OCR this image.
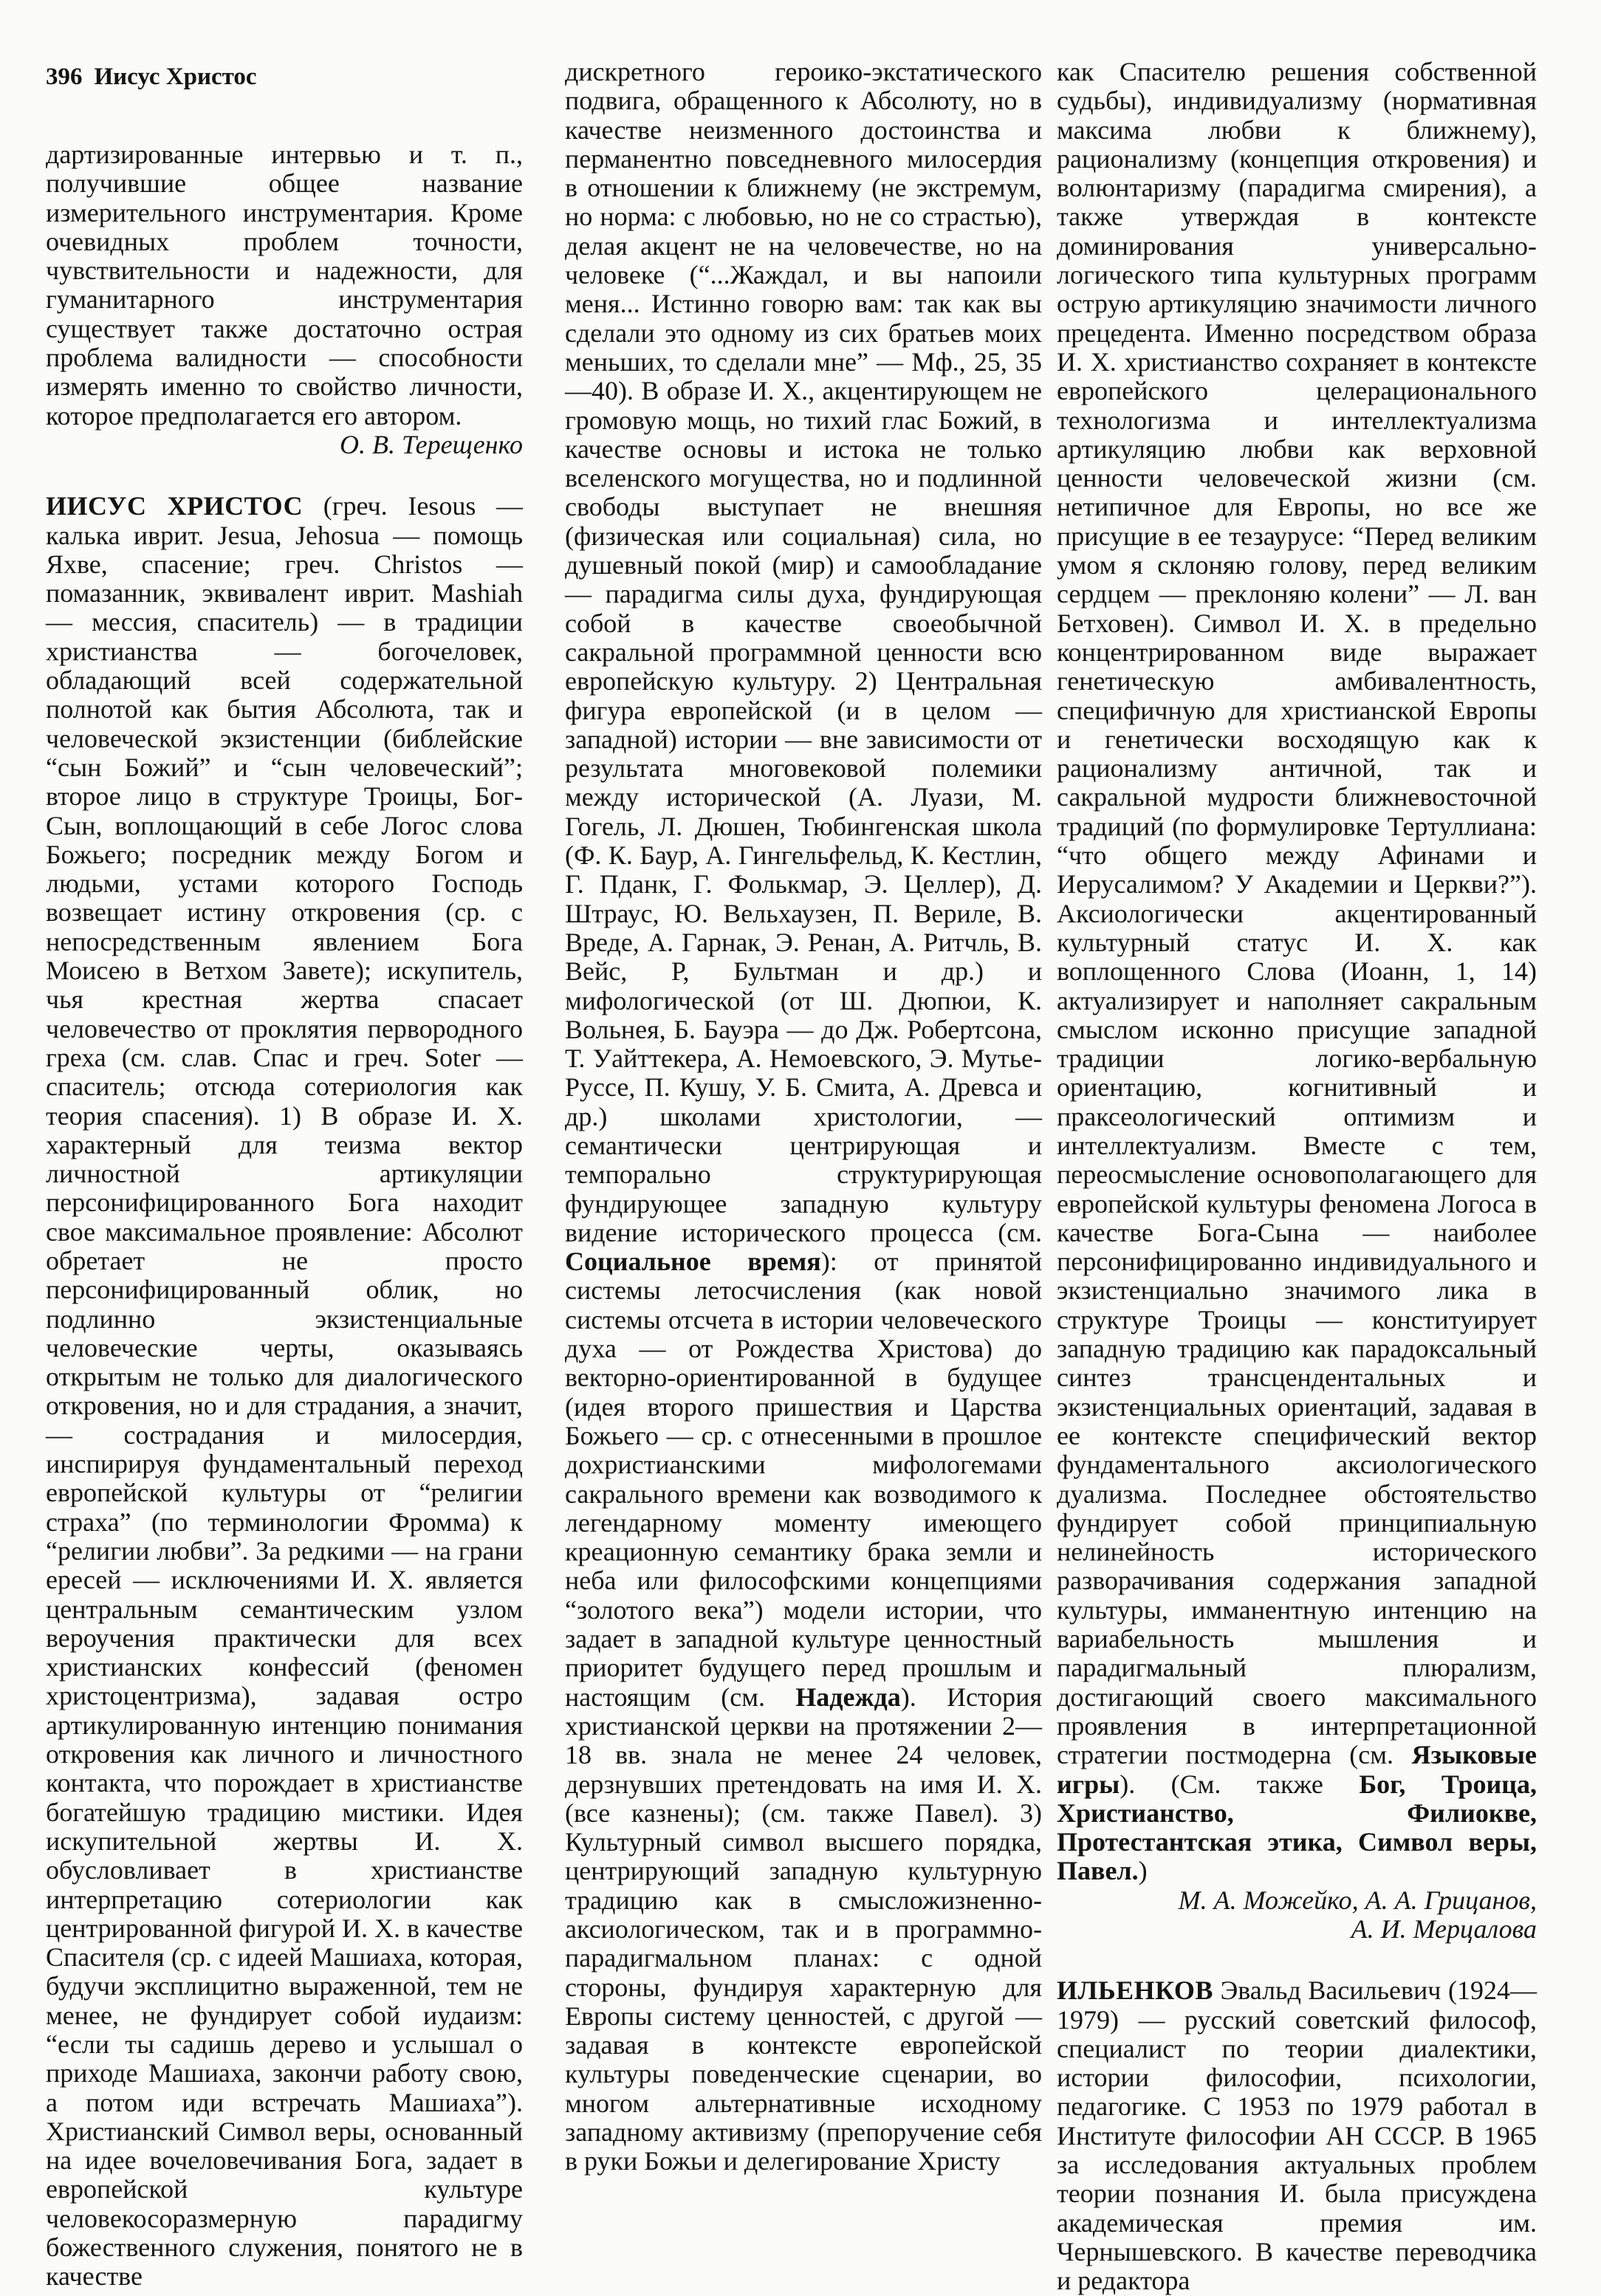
396 Иисус Христос

дартизированные интервью и т. п., получившие общее название измерительного инструментария. Кроме очевидных проблем точности, чувствительности и надежности, для гуманитарного инструментария существует также достаточно острая проблема валидности — способности измерять именно то свойство личности, которое предполагается его автором.

О. В. Терещенко

ИИСУС ХРИСТОС (греч. Iesous — калька иврит. Jesua, Jehosua — помощь Яхве, спасение; греч. Christos — помазанник, эквивалент иврит. Mashiah — мессия, спаситель) — в традиции христианства — богочеловек, обладающий всей содержательной полнотой как бытия Абсолюта, так и человеческой экзистенции (библейские “сын Божий” и “сын человеческий”; второе лицо в структуре Троицы, Бог-Сын, воплощающий в себе Логос слова Божьего; посредник между Богом и людьми, устами которого Господь возвещает истину откровения (ср. с непосредственным явлением Бога Моисею в Ветхом Завете); искупитель, чья крестная жертва спасает человечество от проклятия первородного греха (см. слав. Спас и греч. Soter — спаситель; отсюда сотериология как теория спасения). 1) В образе И. Х. характерный для теизма вектор личностной артикуляции персонифицированного Бога находит свое максимальное проявление: Абсолют обретает не просто персонифицированный облик, но подлинно экзистенциальные человеческие черты, оказываясь открытым не только для диалогического откровения, но и для страдания, а значит, — сострадания и милосердия, инспирируя фундаментальный переход европейской культуры от “религии страха” (по терминологии Фромма) к “религии любви”. За редкими — на грани ересей — исключениями И. Х. является центральным семантическим узлом вероучения практически для всех христианских конфессий (феномен христоцентризма), задавая остро артикулированную интенцию понимания откровения как личного и личностного контакта, что порождает в христианстве богатейшую традицию мистики. Идея искупительной жертвы И. Х. обусловливает в христианстве интерпретацию сотериологии как центрированной фигурой И. Х. в качестве Спасителя (ср. с идеей Машиаха, которая, будучи эксплицитно выраженной, тем не менее, не фундирует собой иудаизм: “если ты садишь дерево и услышал о приходе Машиаха, закончи работу свою, а потом иди встречать Машиаха”). Христианский Символ веры, основанный на идее вочеловечивания Бога, задает в европейской культуре человекосоразмерную парадигму божественного служения, понятого не в качестве

дискретного героико-экстатического подвига, обращенного к Абсолюту, но в качестве неизменного достоинства и перманентно повседневного милосердия в отношении к ближнему (не экстремум, но норма: с любовью, но не со страстью), делая акцент не на человечестве, но на человеке (“...Жаждал, и вы напоили меня... Истинно говорю вам: так как вы сделали это одному из сих братьев моих меньших, то сделали мне” — Мф., 25, 35—40). В образе И. Х., акцентирующем не громовую мощь, но тихий глас Божий, в качестве основы и истока не только вселенского могущества, но и подлинной свободы выступает не внешняя (физическая или социальная) сила, но душевный покой (мир) и самообладание — парадигма силы духа, фундирующая собой в качестве своеобычной сакральной программной ценности всю европейскую культуру. 2) Центральная фигура европейской (и в целом — западной) истории — вне зависимости от результата многовековой полемики между исторической (А. Луази, М. Гогель, Л. Дюшен, Тюбингенская школа (Ф. К. Баур, А. Гингельфельд, К. Кестлин, Г. Пданк, Г. Фолькмар, Э. Целлер), Д. Штраус, Ю. Вельхаузен, П. Вериле, В. Вреде, А. Гарнак, Э. Ренан, А. Ритчль, В. Вейс, Р, Бультман и др.) и мифологической (от Ш. Дюпюи, К. Вольнея, Б. Бауэра — до Дж. Робертсона, Т. Уайттекера, А. Немоевского, Э. Мутье-Руссе, П. Кушу, У. Б. Смита, А. Древса и др.) школами христологии, — семантически центрирующая и темпорально структурирующая фундирующее западную культуру видение исторического процесса (см. Социальное время): от принятой системы летосчисления (как новой системы отсчета в истории человеческого духа — от Рождества Христова) до векторно-ориентированной в будущее (идея второго пришествия и Царства Божьего — ср. с отнесенными в прошлое дохристианскими мифологемами сакрального времени как возводимого к легендарному моменту имеющего креационную семантику брака земли и неба или философскими концепциями “золотого века”) модели истории, что задает в западной культуре ценностный приоритет будущего перед прошлым и настоящим (см. Надежда). История христианской церкви на протяжении 2—18 вв. знала не менее 24 человек, дерзнувших претендовать на имя И. Х. (все казнены); (см. также Павел). 3) Культурный символ высшего порядка, центрирующий западную культурную традицию как в смысложизненно-аксиологическом, так и в программно-парадигмальном планах: с одной стороны, фундируя характерную для Европы систему ценностей, с другой — задавая в контексте европейской культуры поведенческие сценарии, во многом альтернативные исходному западному активизму (препоручение себя в руки Божьи и делегирование Христу

как Спасителю решения собственной судьбы), индивидуализму (нормативная максима любви к ближнему), рационализму (концепция откровения) и волюнтаризму (парадигма смирения), а также утверждая в контексте доминирования универсально-логического типа культурных программ острую артикуляцию значимости личного прецедента. Именно посредством образа И. Х. христианство сохраняет в контексте европейского целерационального технологизма и интеллектуализма артикуляцию любви как верховной ценности человеческой жизни (см. нетипичное для Европы, но все же присущие в ее тезаурусе: “Перед великим умом я склоняю голову, перед великим сердцем — преклоняю колени” — Л. ван Бетховен). Символ И. Х. в предельно концентрированном виде выражает генетическую амбивалентность, специфичную для христианской Европы и генетически восходящую как к рационализму античной, так и сакральной мудрости ближневосточной традиций (по формулировке Тертуллиана: “что общего между Афинами и Иерусалимом? У Академии и Церкви?”). Аксиологически акцентированный культурный статус И. Х. как воплощенного Слова (Иоанн, 1, 14) актуализирует и наполняет сакральным смыслом исконно присущие западной традиции логико-вербальную ориентацию, когнитивный и праксеологический оптимизм и интеллектуализм. Вместе с тем, переосмысление основополагающего для европейской культуры феномена Логоса в качестве Бога-Сына — наиболее персонифицированно индивидуального и экзистенциально значимого лика в структуре Троицы — конституирует западную традицию как парадоксальный синтез трансцендентальных и экзистенциальных ориентаций, задавая в ее контексте специфический вектор фундаментального аксиологического дуализма. Последнее обстоятельство фундирует собой принципиальную нелинейность исторического разворачивания содержания западной культуры, имманентную интенцию на вариабельность мышления и парадигмальный плюрализм, достигающий своего максимального проявления в интерпретационной стратегии постмодерна (см. Языковые игры). (См. также Бог, Троица, Христианство, Филиокве, Протестантская этика, Символ веры, Павел.)

М. А. Можейко, А. А. Грицанов,

А. И. Мерцалова

ИЛЬЕНКОВ Эвальд Васильевич (1924—1979) — русский советский философ, специалист по теории диалектики, истории философии, психологии, педагогике. С 1953 по 1979 работал в Институте философии АН СССР. В 1965 за исследования актуальных проблем теории познания И. была присуждена академическая премия им. Чернышевского. В качестве переводчика и редактора
